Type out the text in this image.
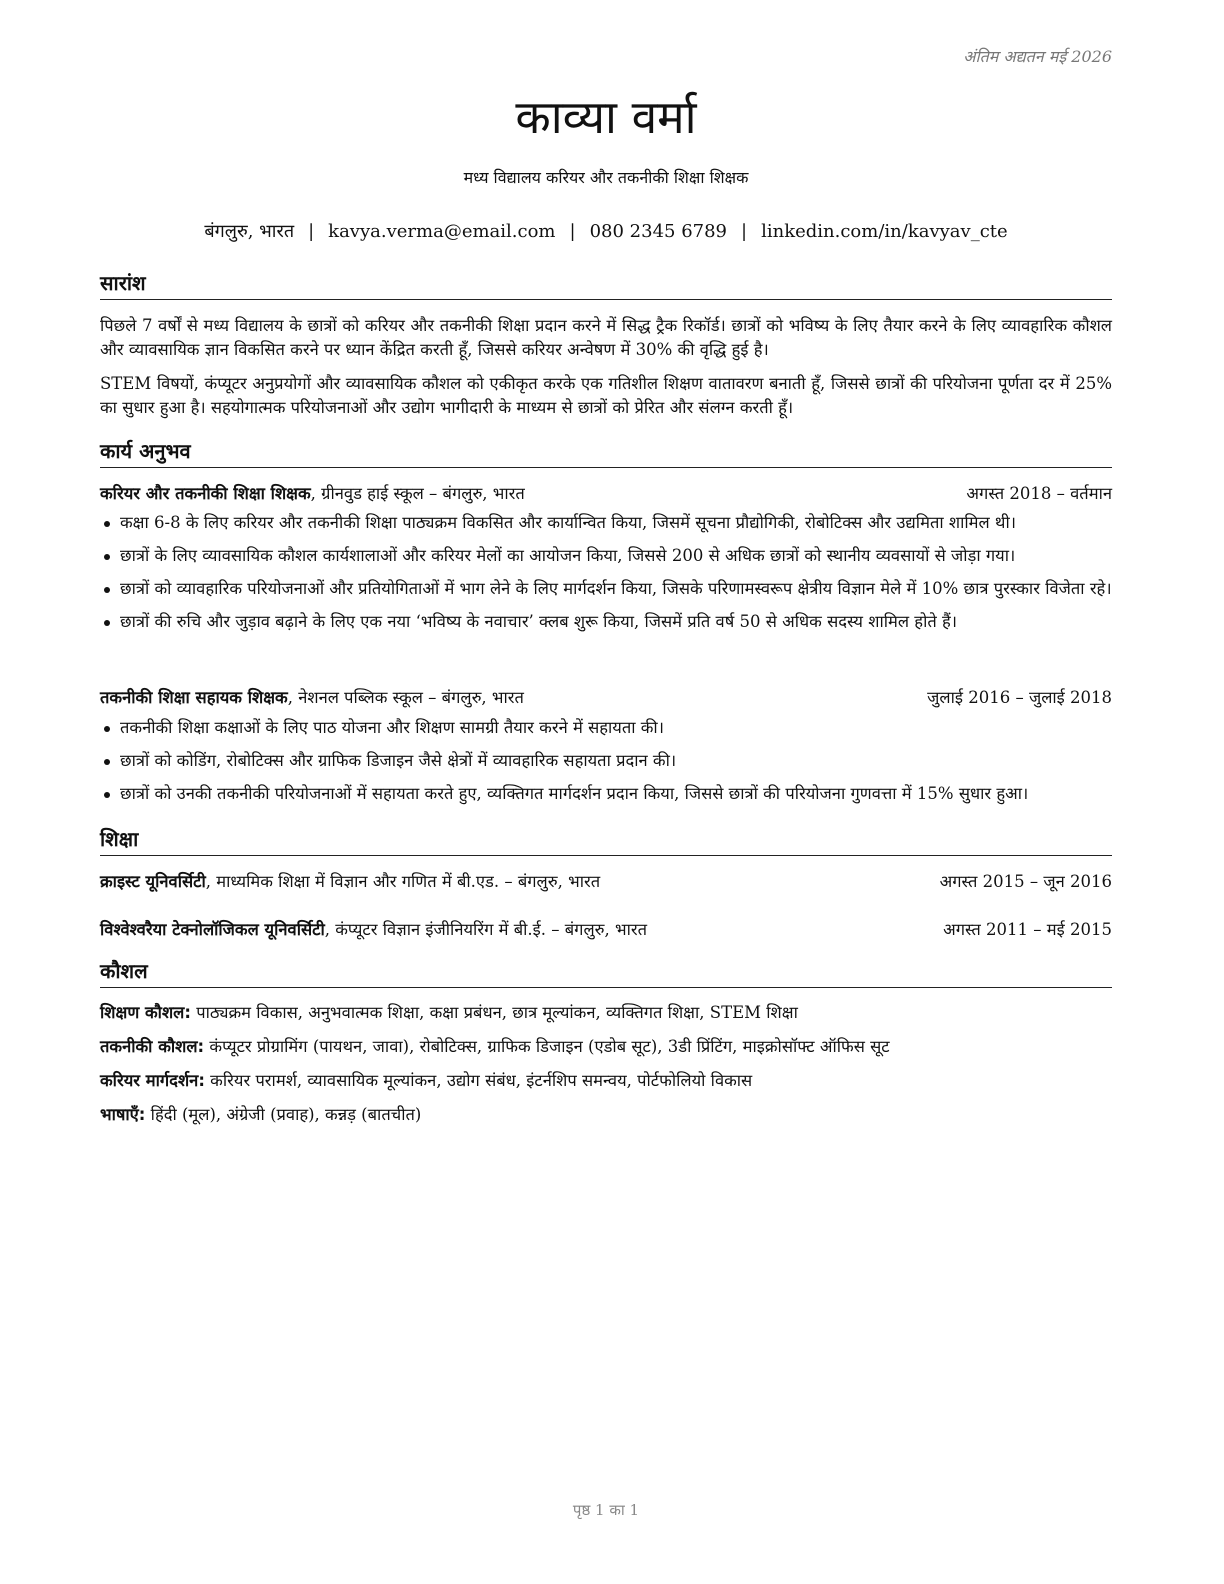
अंतिम अद्यतन मई 2026
काव्या वर्मा
मध्य विद्यालय करियर और तकनीकी शिक्षा शिक्षक
बंगलुरु, भारत | kavya.verma@email.com | 080 2345 6789 | linkedin.com/in/kavyav_cte
सारांश
पिछले 7 वर्षों से मध्य विद्यालय के छात्रों को करियर और तकनीकी शिक्षा प्रदान करने में सिद्ध ट्रैक रिकॉर्ड। छात्रों को भविष्य के लिए तैयार करने के लिए व्यावहारिक कौशल और व्यावसायिक ज्ञान विकसित करने पर ध्यान केंद्रित करती हूँ, जिससे करियर अन्वेषण में 30% की वृद्धि हुई है।
STEM विषयों, कंप्यूटर अनुप्रयोगों और व्यावसायिक कौशल को एकीकृत करके एक गतिशील शिक्षण वातावरण बनाती हूँ, जिससे छात्रों की परियोजना पूर्णता दर में 25% का सुधार हुआ है। सहयोगात्मक परियोजनाओं और उद्योग भागीदारी के माध्यम से छात्रों को प्रेरित और संलग्न करती हूँ।
कार्य अनुभव
करियर और तकनीकी शिक्षा शिक्षक, ग्रीनवुड हाई स्कूल – बंगलुरु, भारत	अगस्त 2018 – वर्तमान
कक्षा 6-8 के लिए करियर और तकनीकी शिक्षा पाठ्यक्रम विकसित और कार्यान्वित किया, जिसमें सूचना प्रौद्योगिकी, रोबोटिक्स और उद्यमिता शामिल थी।
छात्रों के लिए व्यावसायिक कौशल कार्यशालाओं और करियर मेलों का आयोजन किया, जिससे 200 से अधिक छात्रों को स्थानीय व्यवसायों से जोड़ा गया।
छात्रों को व्यावहारिक परियोजनाओं और प्रतियोगिताओं में भाग लेने के लिए मार्गदर्शन किया, जिसके परिणामस्वरूप क्षेत्रीय विज्ञान मेले में 10% छात्र पुरस्कार विजेता रहे।
छात्रों की रुचि और जुड़ाव बढ़ाने के लिए एक नया ‘भविष्य के नवाचार’ क्लब शुरू किया, जिसमें प्रति वर्ष 50 से अधिक सदस्य शामिल होते हैं।
तकनीकी शिक्षा सहायक शिक्षक, नेशनल पब्लिक स्कूल – बंगलुरु, भारत	जुलाई 2016 – जुलाई 2018
तकनीकी शिक्षा कक्षाओं के लिए पाठ योजना और शिक्षण सामग्री तैयार करने में सहायता की।
छात्रों को कोडिंग, रोबोटिक्स और ग्राफिक डिजाइन जैसे क्षेत्रों में व्यावहारिक सहायता प्रदान की।
छात्रों को उनकी तकनीकी परियोजनाओं में सहायता करते हुए, व्यक्तिगत मार्गदर्शन प्रदान किया, जिससे छात्रों की परियोजना गुणवत्ता में 15% सुधार हुआ।
शिक्षा
क्राइस्ट यूनिवर्सिटी, माध्यमिक शिक्षा में विज्ञान और गणित में बी.एड. – बंगलुरु, भारत	अगस्त 2015 – जून 2016
विश्वेश्वरैया टेक्नोलॉजिकल यूनिवर्सिटी, कंप्यूटर विज्ञान इंजीनियरिंग में बी.ई. – बंगलुरु, भारत	अगस्त 2011 – मई 2015
कौशल
शिक्षण कौशल: पाठ्यक्रम विकास, अनुभवात्मक शिक्षा, कक्षा प्रबंधन, छात्र मूल्यांकन, व्यक्तिगत शिक्षा, STEM शिक्षा
तकनीकी कौशल: कंप्यूटर प्रोग्रामिंग (पायथन, जावा), रोबोटिक्स, ग्राफिक डिजाइन (एडोब सूट), 3डी प्रिंटिंग, माइक्रोसॉफ्ट ऑफिस सूट
करियर मार्गदर्शन: करियर परामर्श, व्यावसायिक मूल्यांकन, उद्योग संबंध, इंटर्नशिप समन्वय, पोर्टफोलियो विकास
भाषाएँ: हिंदी (मूल), अंग्रेजी (प्रवाह), कन्नड़ (बातचीत)
पृष्ठ 1 का 1
